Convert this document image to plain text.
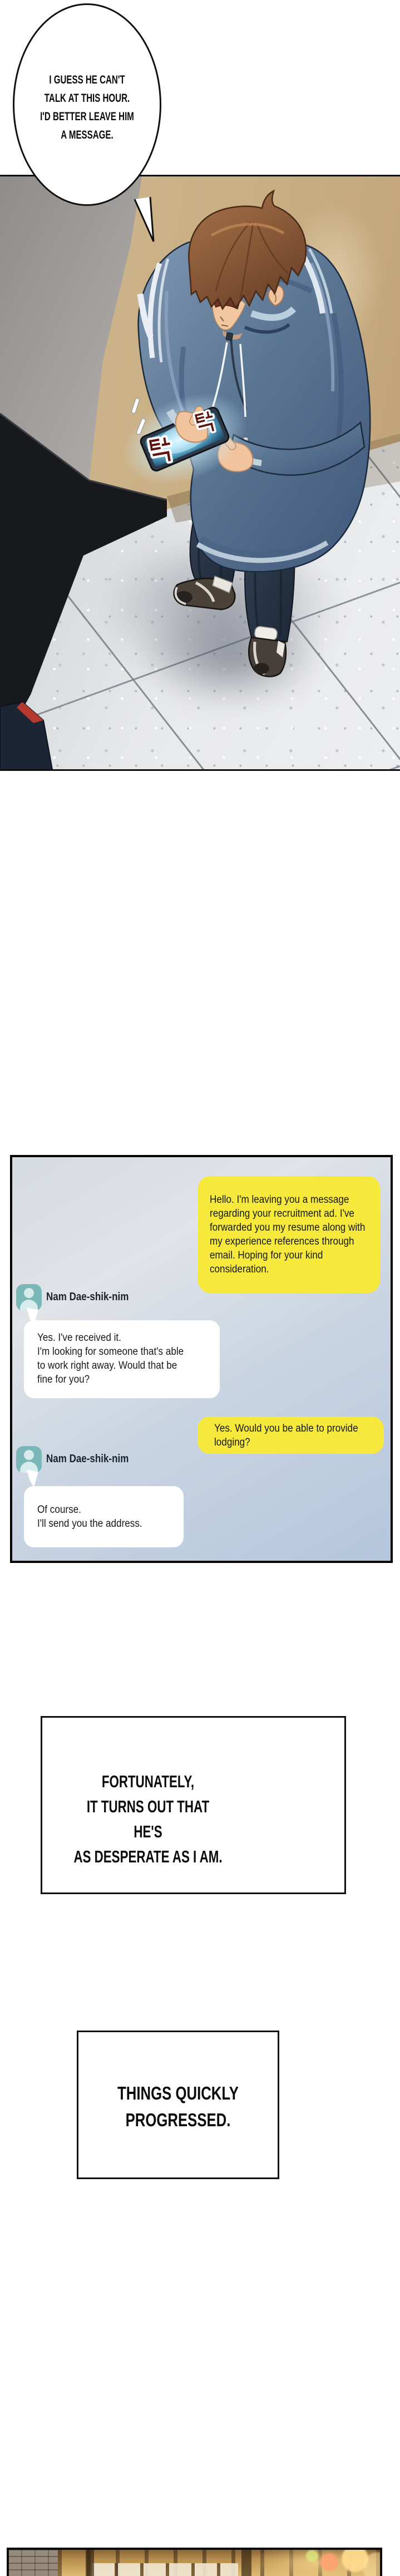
I GUESS HE CAN'T
TALK AT THIS HOUR.
I'D BETTER LEAVE HIM
A MESSAGE.
Hello. I'm leaving you a message
regarding your recruitment ad. I've
forwarded you my resume along with
my experience references through
email. Hoping for your kind
consideration.
Nam Dae-shik-nim
Yes. I've received it.
I'm looking for someone that's able
to work right away. Would that be
fine for you?
Yes. Would you be able to provide
lodging?
Nam Dae-shik-nim
Of course.
I'll send you the address.
FORTUNATELY,
IT TURNS OUT THAT HE'S
AS DESPERATE AS I AM.
THINGS QUICKLY
PROGRESSED.
